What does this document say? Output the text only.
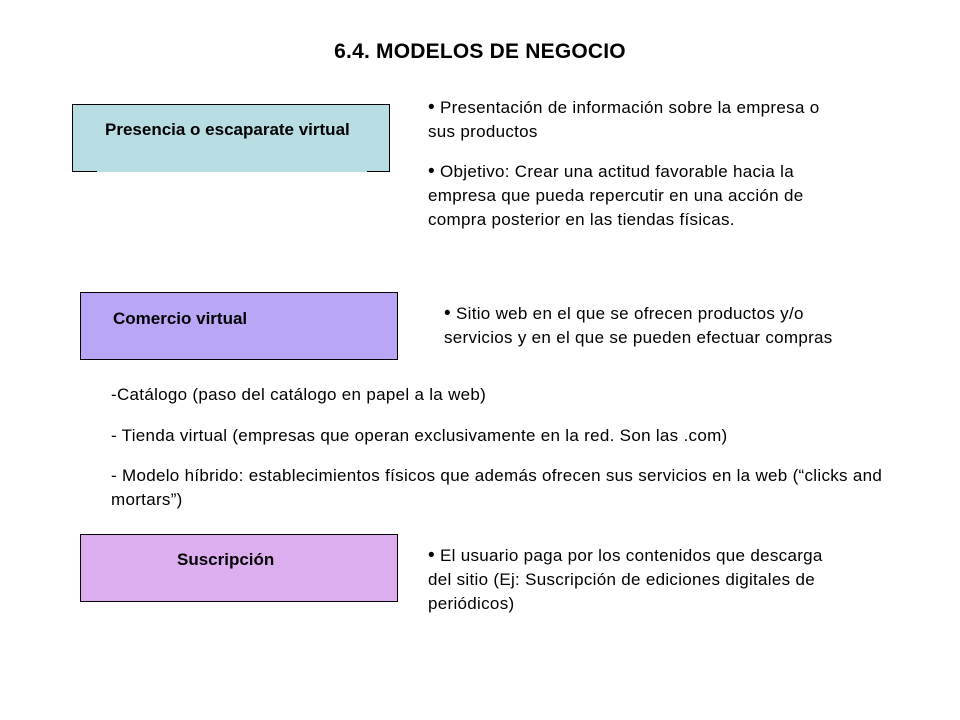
6.4. MODELOS DE NEGOCIO
Presencia o escaparate virtual

• Presentación de información sobre la empresa o sus productos

• Objetivo: Crear una actitud favorable hacia la empresa que pueda repercutir en una acción de compra posterior en las tiendas físicas.

Comercio virtual	• Sitio web en el que se ofrecen productos y/o servicios y en el que se pueden efectuar compras

-Catálogo (paso del catálogo en papel a la web)
- Tienda virtual (empresas que operan exclusivamente en la red. Son las .com)
- Modelo híbrido: establecimientos físicos que además ofrecen sus servicios en la web (“clicks and mortars”)
Suscripción	• El usuario paga por los contenidos que descarga del sitio (Ej: Suscripción de ediciones digitales de periódicos)
